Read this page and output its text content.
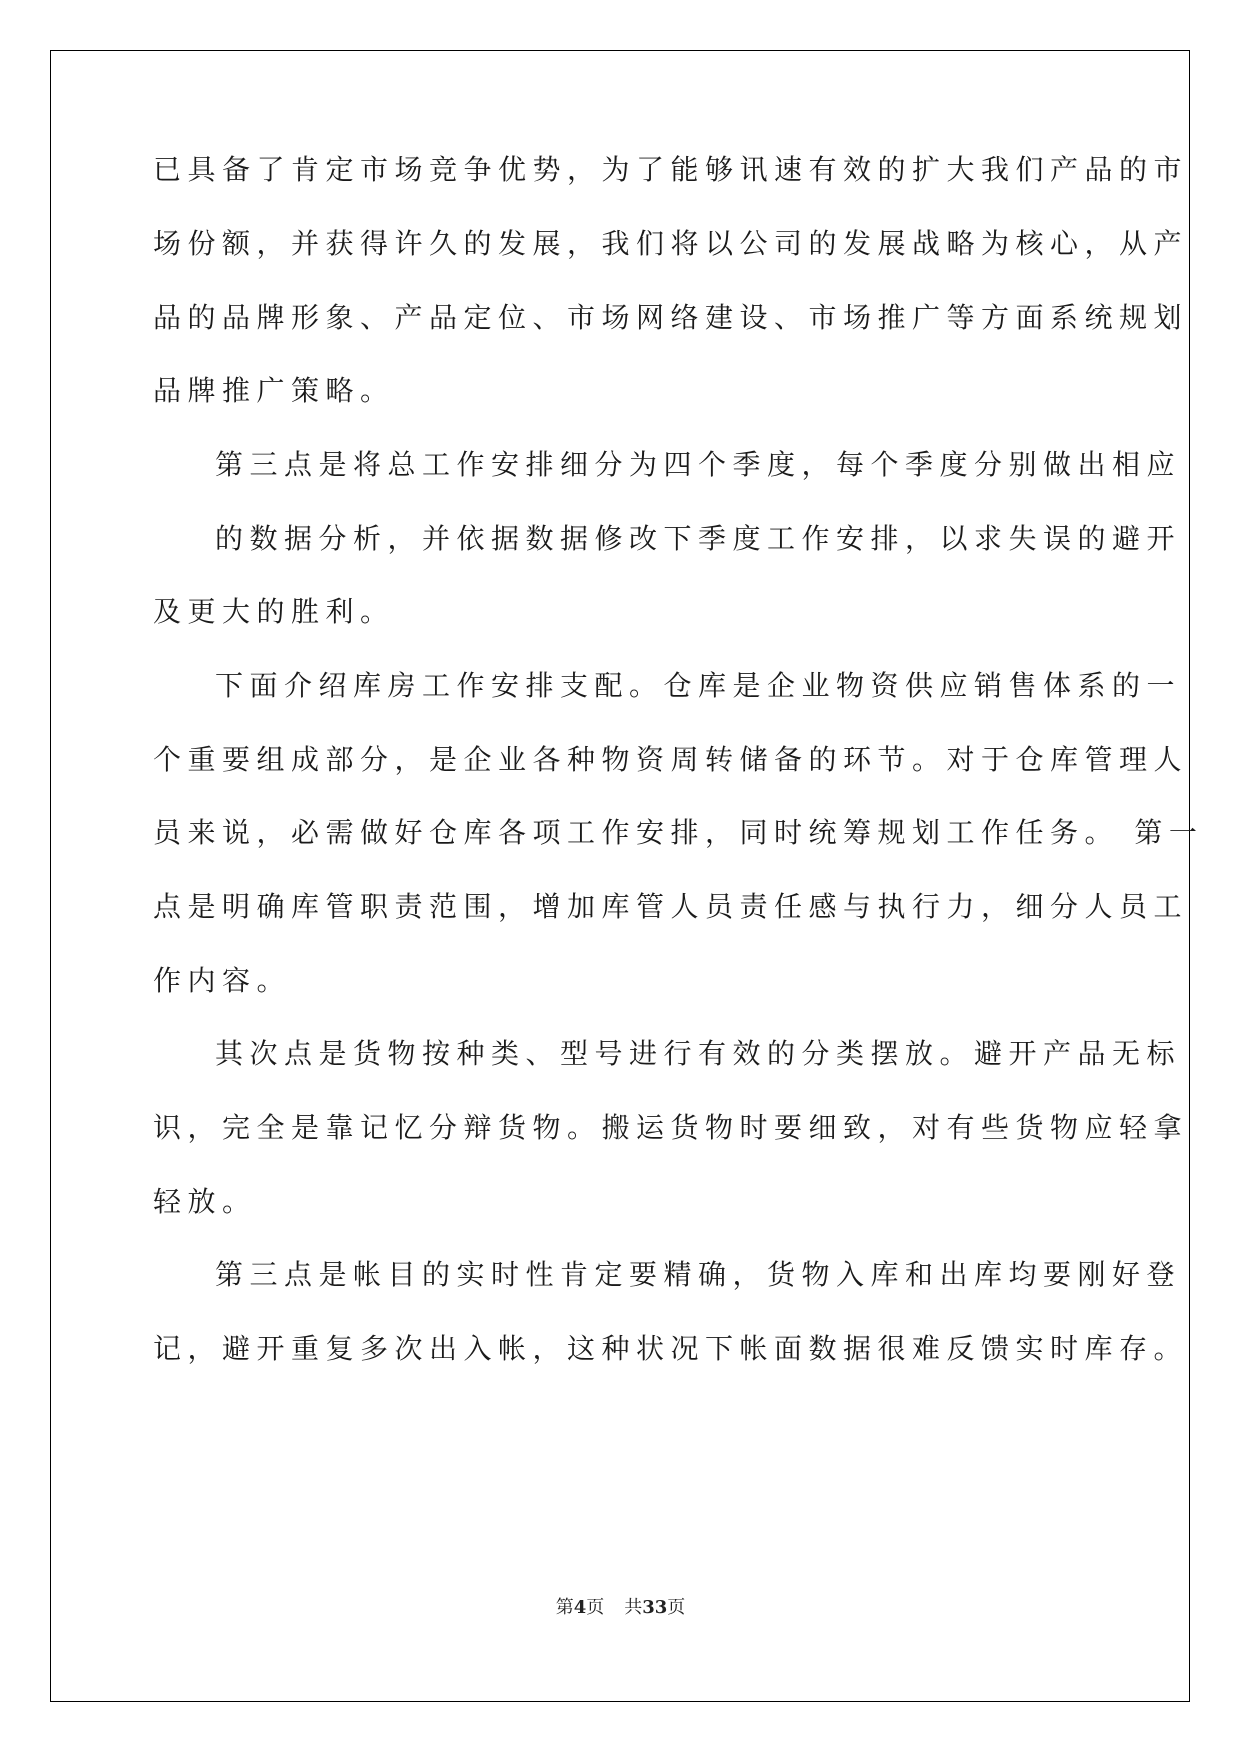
已具备了肯定市场竞争优势，为了能够讯速有效的扩大我们产品的市
场份额，并获得许久的发展，我们将以公司的发展战略为核心，从产
品的品牌形象、产品定位、市场网络建设、市场推广等方面系统规划
品牌推广策略。
第三点是将总工作安排细分为四个季度，每个季度分别做出相应
的数据分析，并依据数据修改下季度工作安排，以求失误的避开
及更大的胜利。
下面介绍库房工作安排支配。仓库是企业物资供应销售体系的一
个重要组成部分，是企业各种物资周转储备的环节。对于仓库管理人
员来说，必需做好仓库各项工作安排，同时统筹规划工作任务。 第一
点是明确库管职责范围，增加库管人员责任感与执行力，细分人员工
作内容。
其次点是货物按种类、型号进行有效的分类摆放。避开产品无标
识，完全是靠记忆分辩货物。搬运货物时要细致，对有些货物应轻拿
轻放。
第三点是帐目的实时性肯定要精确，货物入库和出库均要刚好登
记，避开重复多次出入帐，这种状况下帐面数据很难反馈实时库存。
第4页 共33页
